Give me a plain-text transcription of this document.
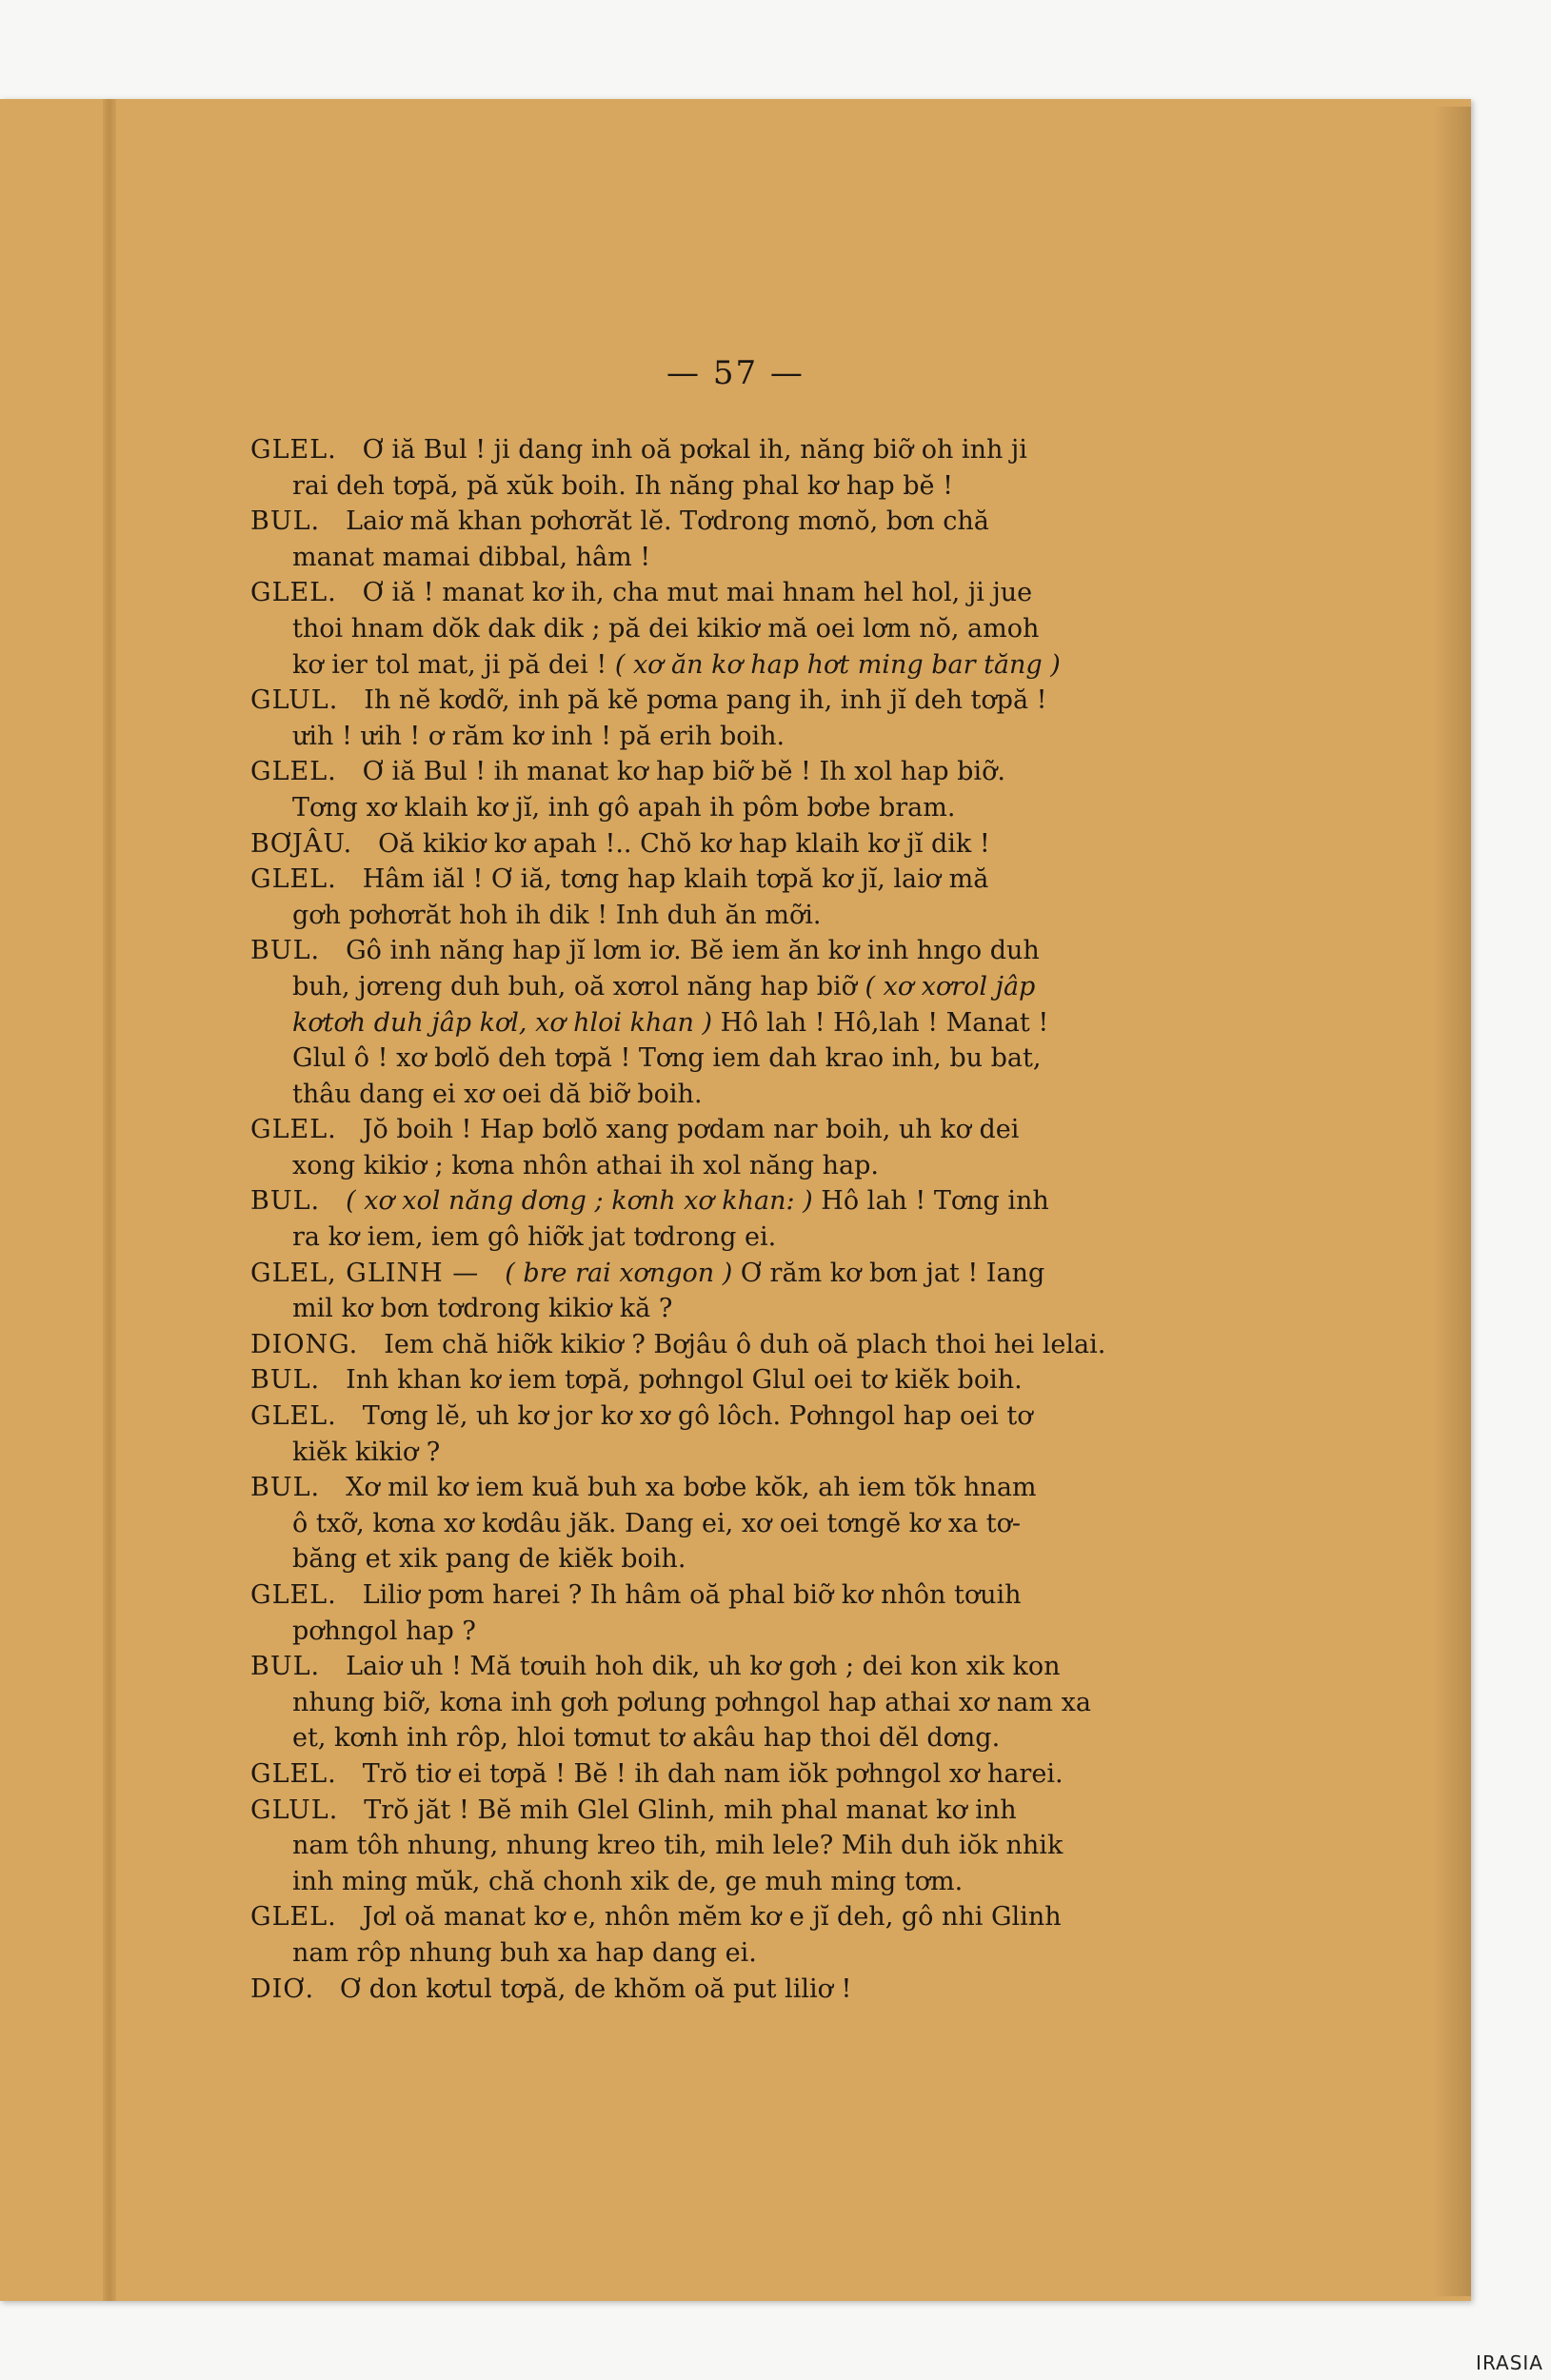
— 57 —
GLEL.  Ơ iă Bul ! ji dang inh oă pơkal ih, năng biỡ oh inh ji
rai deh tơpă, pă xŭk boih. Ih năng phal kơ hap bĕ !
BUL.  Laiơ mă khan pơhơrăt lĕ. Tơdrong mơnŏ, bơn chă
manat mamai dibbal, hâm !
GLEL.  Ơ iă ! manat kơ ih, cha mut mai hnam hel hol, ji jue
thoi hnam dŏk dak dik ; pă dei kikiơ mă oei lơm nŏ, amoh
kơ ier tol mat, ji pă dei ! ( xơ ăn kơ hap hơt ming bar tăng )
GLUL.  Ih nĕ kơdỡ, inh pă kĕ pơma pang ih, inh jĭ deh tơpă !
ưih ! ưih ! ơ răm kơ inh ! pă erih boih.
GLEL.  Ơ iă Bul ! ih manat kơ hap biỡ bĕ ! Ih xol hap biỡ.
Tơng xơ klaih kơ jĭ, inh gô apah ih pôm bơbe bram.
BƠJÂU.  Oă kikiơ kơ apah !.. Chŏ kơ hap klaih kơ jĭ dik !
GLEL.  Hâm iăl ! Ơ iă, tơng hap klaih tơpă kơ jĭ, laiơ mă
gơh pơhơrăt hoh ih dik ! Inh duh ăn mỡi.
BUL.  Gô inh năng hap jĭ lơm iơ. Bĕ iem ăn kơ inh hngo duh
buh, jơreng duh buh, oă xơrol năng hap biỡ ( xơ xơrol jâp
kơtơh duh jâp kơl, xơ hloi khan ) Hô lah ! Hô,lah ! Manat !
Glul ô ! xơ bơlŏ deh tơpă ! Tơng iem dah krao inh, bu bat,
thâu dang ei xơ oei dă biỡ boih.
GLEL.  Jŏ boih ! Hap bơlŏ xang pơdam nar boih, uh kơ dei
xong kikiơ ; kơna nhôn athai ih xol năng hap.
BUL.  ( xơ xol năng dơng ; kơnh xơ khan: ) Hô lah ! Tơng inh
ra kơ iem, iem gô hiỡk jat tơdrong ei.
GLEL, GLINH —  ( bre rai xơngon ) Ơ răm kơ bơn jat ! Iang
mil kơ bơn tơdrong kikiơ kă ?
DIONG.  Iem chă hiỡk kikiơ ? Bơjâu ô duh oă plach thoi hei lelai.
BUL.  Inh khan kơ iem tơpă, pơhngol Glul oei tơ kiĕk boih.
GLEL.  Tơng lĕ, uh kơ jor kơ xơ gô lôch. Pơhngol hap oei tơ
kiĕk kikiơ ?
BUL.  Xơ mil kơ iem kuă buh xa bơbe kŏk, ah iem tŏk hnam
ô txỡ, kơna xơ kơdâu jăk. Dang ei, xơ oei tơngĕ kơ xa tơ-
băng et xik pang de kiĕk boih.
GLEL.  Liliơ pơm harei ? Ih hâm oă phal biỡ kơ nhôn tơuih
pơhngol hap ?
BUL.  Laiơ uh ! Mă tơuih hoh dik, uh kơ gơh ; dei kon xik kon
nhung biỡ, kơna inh gơh pơlung pơhngol hap athai xơ nam xa
et, kơnh inh rôp, hloi tơmut tơ akâu hap thoi dĕl dơng.
GLEL.  Trŏ tiơ ei tơpă ! Bĕ ! ih dah nam iŏk pơhngol xơ harei.
GLUL.  Trŏ jăt ! Bĕ mih Glel Glinh, mih phal manat kơ inh
nam tôh nhung, nhung kreo tih, mih lele? Mih duh iŏk nhik
inh ming mŭk, chă chonh xik de, ge muh ming tơm.
GLEL.  Jơl oă manat kơ e, nhôn mĕm kơ e jĭ deh, gô nhi Glinh
nam rôp nhung buh xa hap dang ei.
DIƠ.  Ơ don kơtul tơpă, de khŏm oă put liliơ !
IRASIA
